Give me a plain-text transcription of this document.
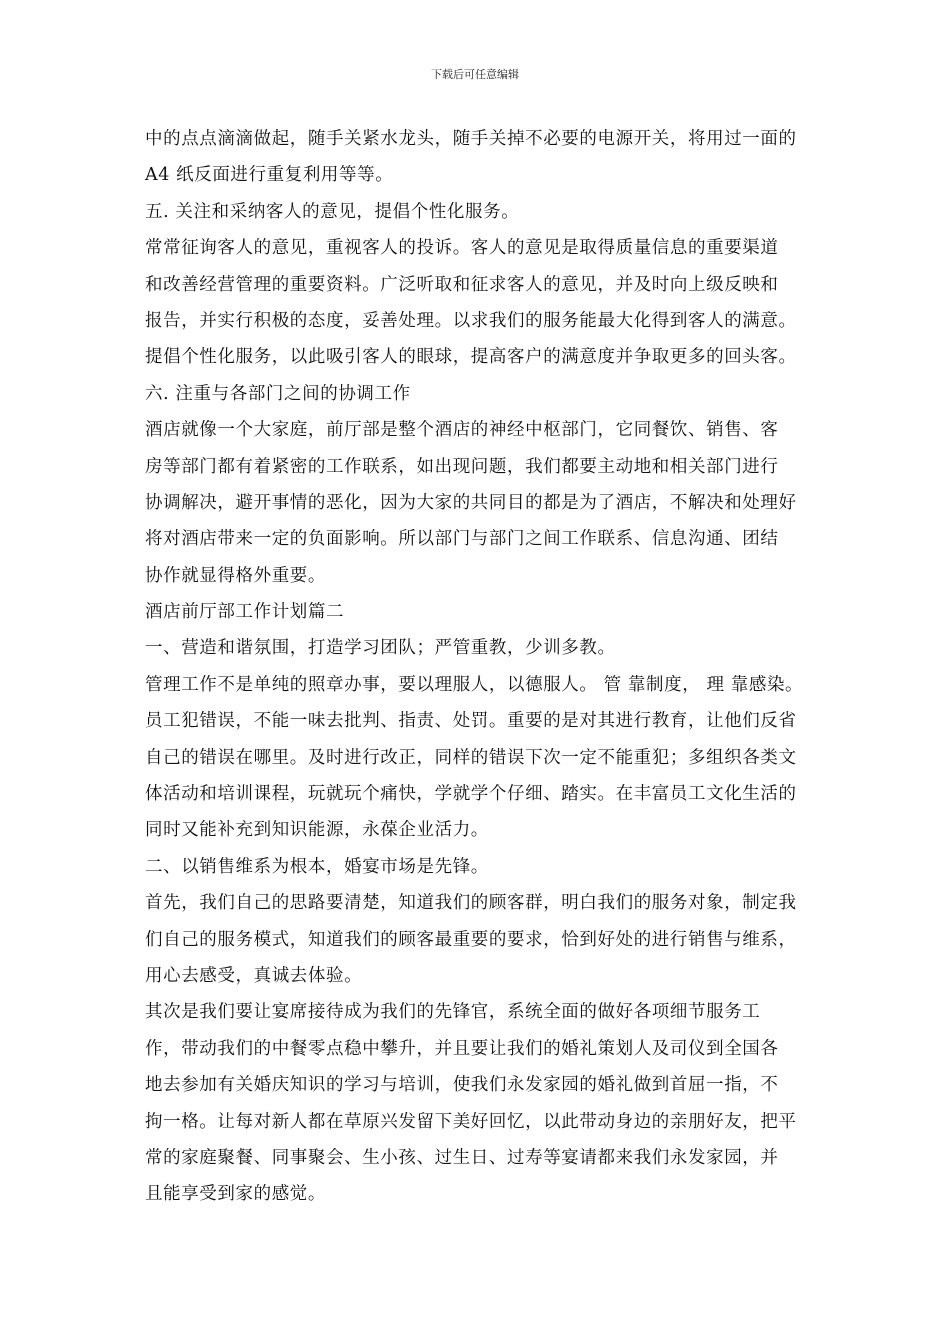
下载后可任意编辑
中的点点滴滴做起，随手关紧水龙头，随手关掉不必要的电源开关，将用过一面的
A4 纸反面进行重复利用等等。
五. 关注和采纳客人的意见，提倡个性化服务。
常常征询客人的意见，重视客人的投诉。客人的意见是取得质量信息的重要渠道
和改善经营管理的重要资料。广泛听取和征求客人的意见，并及时向上级反映和
报告，并实行积极的态度，妥善处理。以求我们的服务能最大化得到客人的满意。
提倡个性化服务，以此吸引客人的眼球，提高客户的满意度并争取更多的回头客。
六. 注重与各部门之间的协调工作
酒店就像一个大家庭，前厅部是整个酒店的神经中枢部门，它同餐饮、销售、客
房等部门都有着紧密的工作联系，如出现问题，我们都要主动地和相关部门进行
协调解决，避开事情的恶化，因为大家的共同目的都是为了酒店，不解决和处理好
将对酒店带来一定的负面影响。所以部门与部门之间工作联系、信息沟通、团结
协作就显得格外重要。
酒店前厅部工作计划篇二
一、营造和谐氛围，打造学习团队；严管重教，少训多教。
管理工作不是单纯的照章办事，要以理服人，以德服人。 管 靠制度， 理 靠感染。
员工犯错误，不能一味去批判、指责、处罚。重要的是对其进行教育，让他们反省
自己的错误在哪里。及时进行改正，同样的错误下次一定不能重犯；多组织各类文
体活动和培训课程，玩就玩个痛快，学就学个仔细、踏实。在丰富员工文化生活的
同时又能补充到知识能源，永葆企业活力。
二、以销售维系为根本，婚宴市场是先锋。
首先，我们自己的思路要清楚，知道我们的顾客群，明白我们的服务对象，制定我
们自己的服务模式，知道我们的顾客最重要的要求，恰到好处的进行销售与维系，
用心去感受，真诚去体验。
其次是我们要让宴席接待成为我们的先锋官，系统全面的做好各项细节服务工
作，带动我们的中餐零点稳中攀升，并且要让我们的婚礼策划人及司仪到全国各
地去参加有关婚庆知识的学习与培训，使我们永发家园的婚礼做到首屈一指，不
拘一格。让每对新人都在草原兴发留下美好回忆，以此带动身边的亲朋好友，把平
常的家庭聚餐、同事聚会、生小孩、过生日、过寿等宴请都来我们永发家园，并
且能享受到家的感觉。
